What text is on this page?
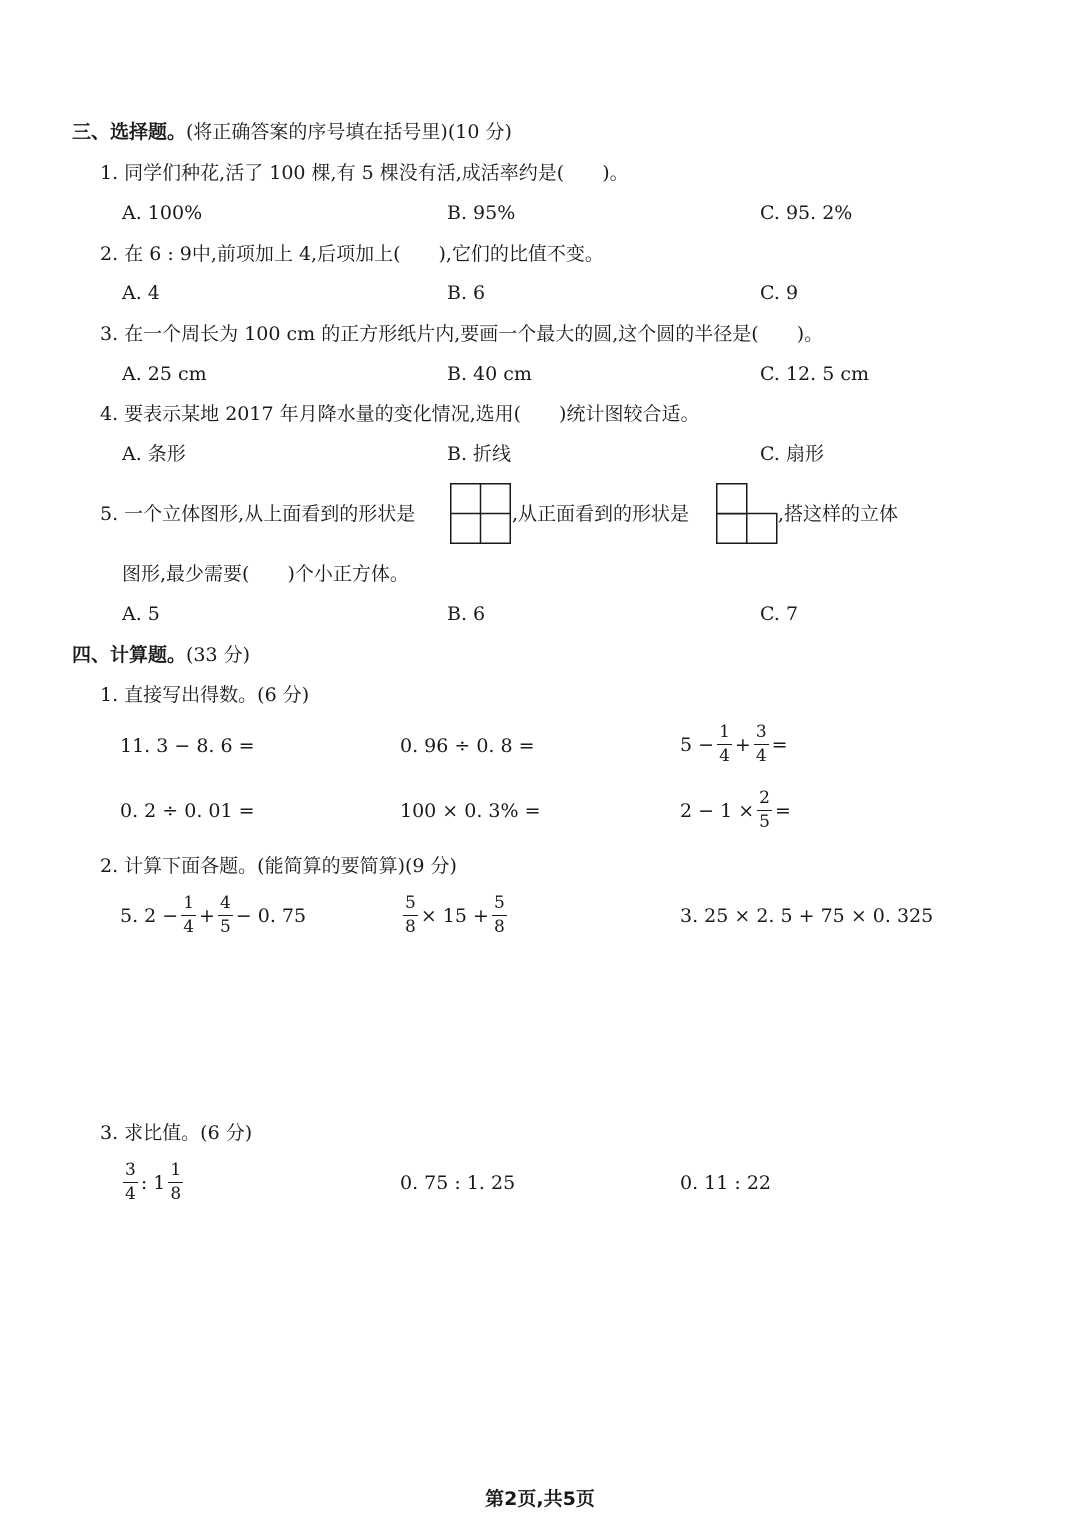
三、选择题。(将正确答案的序号填在括号里)(10 分)
1. 同学们种花,活了 100 棵,有 5 棵没有活,成活率约是(　　)。
A. 100%	B. 95%	C. 95. 2%
2. 在 6 : 9中,前项加上 4,后项加上(　　),它们的比值不变。
A. 4	B. 6	C. 9
3. 在一个周长为 100 cm 的正方形纸片内,要画一个最大的圆,这个圆的半径是(　　)。
A. 25 cm	B. 40 cm	C. 12. 5 cm
4. 要表示某地 2017 年月降水量的变化情况,选用(　　)统计图较合适。
A. 条形	B. 折线	C. 扇形
5. 一个立体图形,从上面看到的形状是	,从正面看到的形状是	,搭这样的立体
图形,最少需要(　　)个小正方体。
A. 5	B. 6	C. 7
四、计算题。(33 分)
1. 直接写出得数。(6 分)
11. 3 − 8. 6 =	0. 96 ÷ 0. 8 =	$5 - \frac{1}{4} + \frac{3}{4}$ =
0. 2 ÷ 0. 01 =	100 × 0. 3% =	$2 - 1 \times \frac{2}{5}$ =
2. 计算下面各题。(能简算的要简算)(9 分)
5. $2 - \frac{1}{4} + \frac{4}{5} - 0$. 75	$\frac{5}{8} \times 15 + \frac{5}{8}$	3. 25 × 2. 5 + 75 × 0. 325
3. 求比值。(6 分)
$\frac{3}{4}$ : $1 \frac{1}{8}$	0. 75 : 1. 25	0. 11 : 22
第2页,共5页
